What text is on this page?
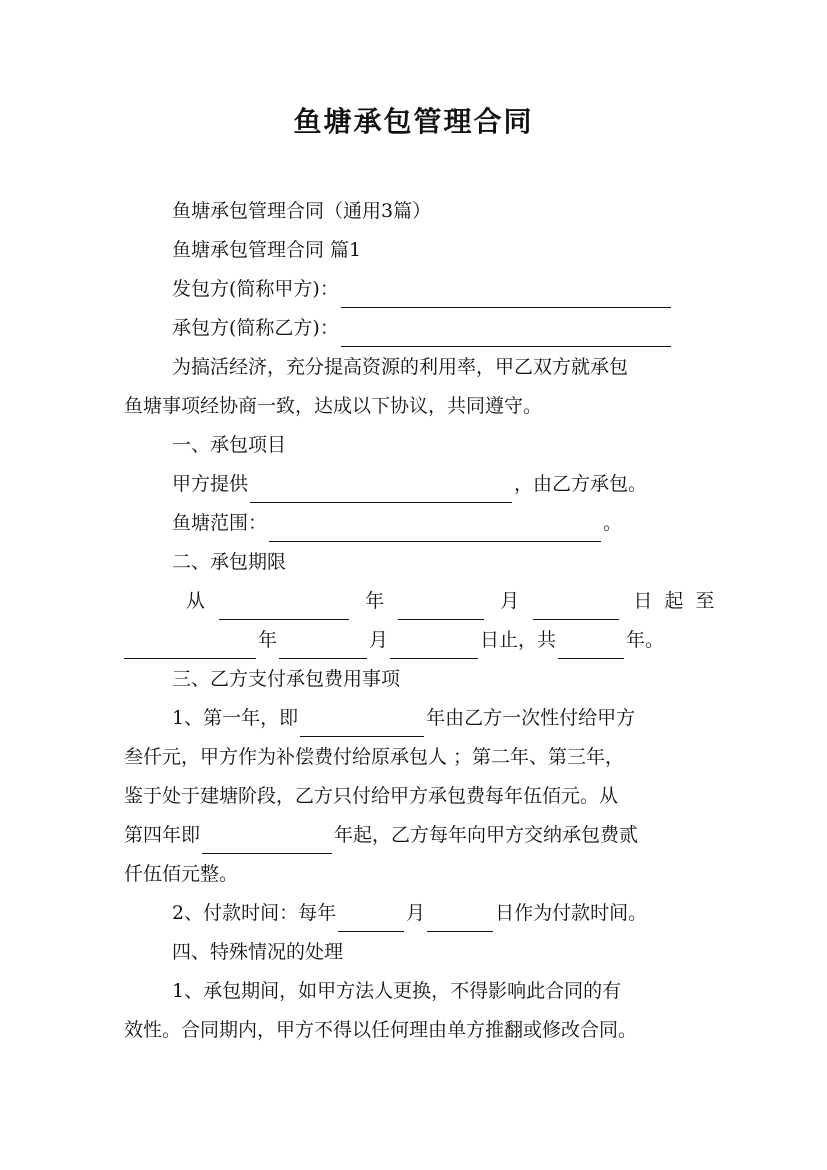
鱼塘承包管理合同
鱼塘承包管理合同（通用3篇）
鱼塘承包管理合同 篇1
发包方(简称甲方)：
承包方(简称乙方)：
为搞活经济，充分提高资源的利用率，甲乙双方就承包
鱼塘事项经协商一致，达成以下协议，共同遵守。
一、承包项目
甲方提供	，由乙方承包。
鱼塘范围：	。
二、承包期限
从	年	月	日 起 至
年	月	日止，共	年。
三、乙方支付承包费用事项
1、第一年，即	年由乙方一次性付给甲方
叁仟元，甲方作为补偿费付给原承包人 ；第二年、第三年，
鉴于处于建塘阶段，乙方只付给甲方承包费每年伍佰元。从
第四年即	年起，乙方每年向甲方交纳承包费贰
仟伍佰元整。
2、付款时间：每年	月	日作为付款时间。
四、特殊情况的处理
1、承包期间，如甲方法人更换，不得影响此合同的有
效性。合同期内，甲方不得以任何理由单方推翻或修改合同。
